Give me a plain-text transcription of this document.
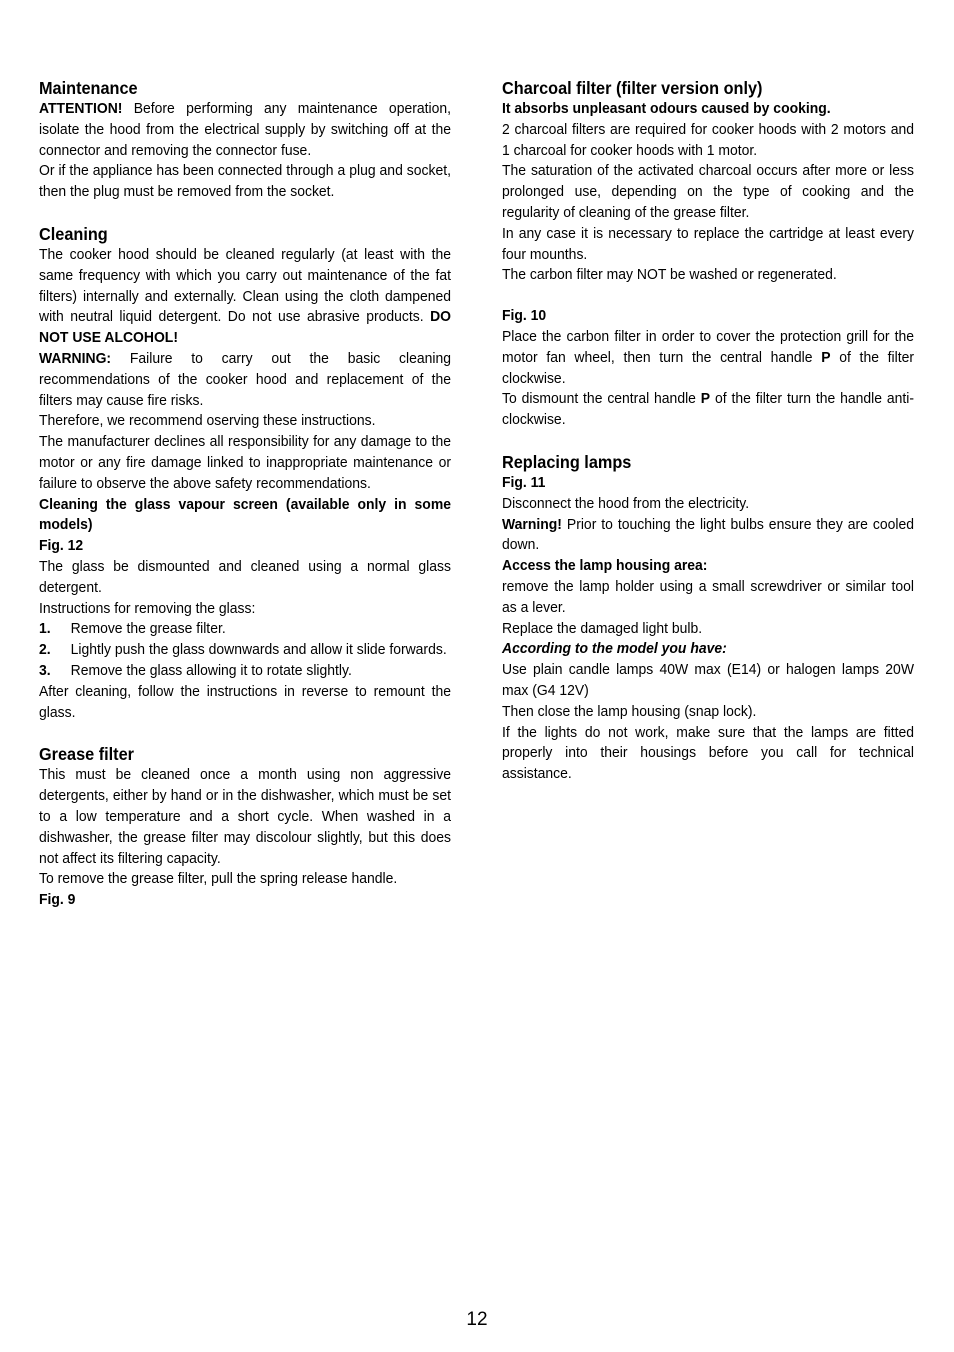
Maintenance

ATTENTION! Before performing any maintenance operation, isolate the hood from the electrical supply by switching off at the connector and removing the connector fuse.

Or if the appliance has been connected through a plug and socket, then the plug must be removed from the socket.

Cleaning

The cooker hood should be cleaned regularly (at least with the same frequency with which you carry out maintenance of the fat filters) internally and externally. Clean using the cloth dampened with neutral liquid detergent. Do not use abrasive products. DO NOT USE ALCOHOL!

WARNING: Failure to carry out the basic cleaning recommendations of the cooker hood and replacement of the filters may cause fire risks.

Therefore, we recommend oserving these instructions.

The manufacturer declines all responsibility for any damage to the motor or any fire damage linked to inappropriate maintenance or failure to observe the above safety recommendations.

Cleaning the glass vapour screen (available only in some models)

Fig. 12

The glass be dismounted and cleaned using a normal glass detergent.

Instructions for removing the glass:

1.	Remove the grease filter.
2.	Lightly push the glass downwards and allow it slide forwards.
3.	Remove the glass allowing it to rotate slightly.

After cleaning, follow the instructions in reverse to remount the glass.

Grease filter

This must be cleaned once a month using non aggressive detergents, either by hand or in the dishwasher, which must be set to a low temperature and a short cycle. When washed in a dishwasher, the grease filter may discolour slightly, but this does not affect its filtering capacity.

To remove the grease filter, pull the spring release handle.

Fig. 9

Charcoal filter (filter version only)

It absorbs unpleasant odours caused by cooking.

2 charcoal filters are required for cooker hoods with 2 motors and 1 charcoal for cooker hoods with 1 motor.

The saturation of the activated charcoal occurs after more or less prolonged use, depending on the type of cooking and the regularity of cleaning of the grease filter.

In any case it is necessary to replace the cartridge at least every four mounths.

The carbon filter may NOT be washed or regenerated.

Fig. 10

Place the carbon filter in order to cover the protection grill for the motor fan wheel, then turn the central handle P of the filter clockwise.

To dismount the central handle P of the filter turn the handle anti-clockwise.

Replacing lamps

Fig. 11

Disconnect the hood from the electricity.

Warning! Prior to touching the light bulbs ensure they are cooled down.

Access the lamp housing area:

remove the lamp holder using a small screwdriver or similar tool as a lever.

Replace the damaged light bulb.

According to the model you have:

Use plain candle lamps 40W max (E14) or halogen lamps 20W max (G4 12V)

Then close the lamp housing (snap lock).

If the lights do not work, make sure that the lamps are fitted properly into their housings before you call for technical assistance.

12
